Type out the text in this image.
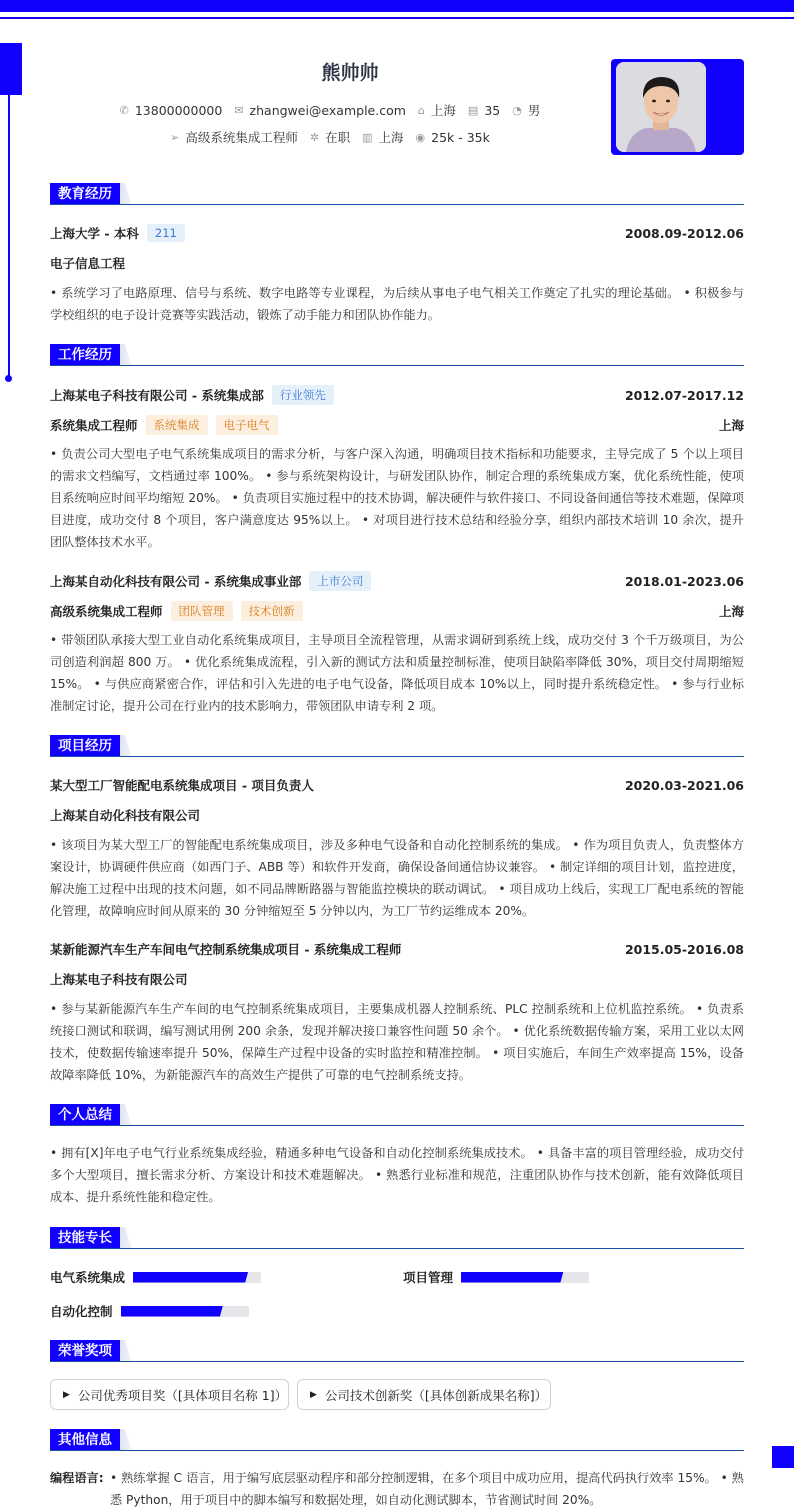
熊帅帅
✆ 13800000000 ✉ zhangwei@example.com ⌂ 上海 ▤ 35 ◔ 男
➢ 高级系统集成工程师 ✲ 在职 ▥ 上海 ◉ 25k - 35k
教育经历
上海大学 - 本科	211	2008.09-2012.06
电子信息工程
• 系统学习了电路原理、信号与系统、数字电路等专业课程，为后续从事电子电气相关工作奠定了扎实的理论基础。 • 积极参与学校组织的电子设计竞赛等实践活动，锻炼了动手能力和团队协作能力。
工作经历
上海某电子科技有限公司 - 系统集成部	行业领先	2012.07-2017.12
系统集成工程师	系统集成	电子电气	上海
• 负责公司大型电子电气系统集成项目的需求分析，与客户深入沟通，明确项目技术指标和功能要求，主导完成了 5 个以上项目的需求文档编写，文档通过率 100%。 • 参与系统架构设计，与研发团队协作，制定合理的系统集成方案，优化系统性能，使项目系统响应时间平均缩短 20%。 • 负责项目实施过程中的技术协调，解决硬件与软件接口、不同设备间通信等技术难题，保障项目进度，成功交付 8 个项目，客户满意度达 95%以上。 • 对项目进行技术总结和经验分享，组织内部技术培训 10 余次，提升团队整体技术水平。
上海某自动化科技有限公司 - 系统集成事业部	上市公司	2018.01-2023.06
高级系统集成工程师	团队管理	技术创新	上海
• 带领团队承接大型工业自动化系统集成项目，主导项目全流程管理，从需求调研到系统上线，成功交付 3 个千万级项目，为公司创造利润超 800 万。 • 优化系统集成流程，引入新的测试方法和质量控制标准，使项目缺陷率降低 30%，项目交付周期缩短 15%。 • 与供应商紧密合作，评估和引入先进的电子电气设备，降低项目成本 10%以上，同时提升系统稳定性。 • 参与行业标准制定讨论，提升公司在行业内的技术影响力，带领团队申请专利 2 项。
项目经历
某大型工厂智能配电系统集成项目 - 项目负责人	2020.03-2021.06
上海某自动化科技有限公司
• 该项目为某大型工厂的智能配电系统集成项目，涉及多种电气设备和自动化控制系统的集成。 • 作为项目负责人，负责整体方案设计，协调硬件供应商（如西门子、ABB 等）和软件开发商，确保设备间通信协议兼容。 • 制定详细的项目计划，监控进度，解决施工过程中出现的技术问题，如不同品牌断路器与智能监控模块的联动调试。 • 项目成功上线后，实现工厂配电系统的智能化管理，故障响应时间从原来的 30 分钟缩短至 5 分钟以内，为工厂节约运维成本 20%。
某新能源汽车生产车间电气控制系统集成项目 - 系统集成工程师	2015.05-2016.08
上海某电子科技有限公司
• 参与某新能源汽车生产车间的电气控制系统集成项目，主要集成机器人控制系统、PLC 控制系统和上位机监控系统。 • 负责系统接口测试和联调，编写测试用例 200 余条，发现并解决接口兼容性问题 50 余个。 • 优化系统数据传输方案，采用工业以太网技术，使数据传输速率提升 50%，保障生产过程中设备的实时监控和精准控制。 • 项目实施后，车间生产效率提高 15%，设备故障率降低 10%，为新能源汽车的高效生产提供了可靠的电气控制系统支持。
个人总结
• 拥有[X]年电子电气行业系统集成经验，精通多种电气设备和自动化控制系统集成技术。 • 具备丰富的项目管理经验，成功交付多个大型项目，擅长需求分析、方案设计和技术难题解决。 • 熟悉行业标准和规范，注重团队协作与技术创新，能有效降低项目成本、提升系统性能和稳定性。
技能专长
电气系统集成	项目管理
自动化控制
荣誉奖项
▶ 公司优秀项目奖（[具体项目名称 1]）	▶ 公司技术创新奖（[具体创新成果名称]）
其他信息
编程语言: • 熟练掌握 C 语言，用于编写底层驱动程序和部分控制逻辑，在多个项目中成功应用，提高代码执行效率 15%。 • 熟悉 Python，用于项目中的脚本编写和数据处理，如自动化测试脚本，节省测试时间 20%。
